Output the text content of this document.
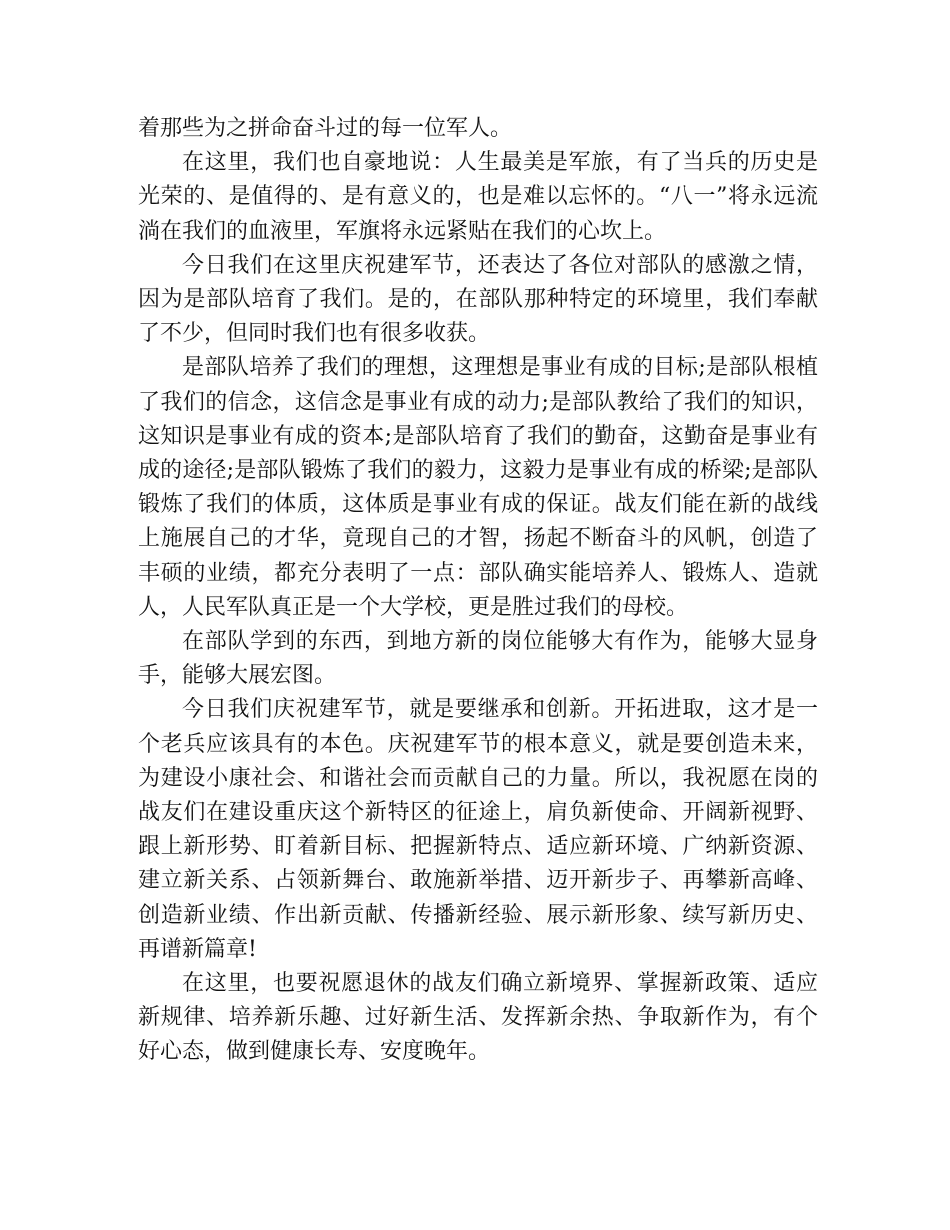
着那些为之拼命奋斗过的每一位军人。

在这里，我们也自豪地说：人生最美是军旅，有了当兵的历史是光荣的、是值得的、是有意义的，也是难以忘怀的。“八一”将永远流淌在我们的血液里，军旗将永远紧贴在我们的心坎上。

今日我们在这里庆祝建军节，还表达了各位对部队的感激之情，因为是部队培育了我们。是的，在部队那种特定的环境里，我们奉献了不少，但同时我们也有很多收获。

是部队培养了我们的理想，这理想是事业有成的目标;是部队根植了我们的信念，这信念是事业有成的动力;是部队教给了我们的知识，这知识是事业有成的资本;是部队培育了我们的勤奋，这勤奋是事业有成的途径;是部队锻炼了我们的毅力，这毅力是事业有成的桥梁;是部队锻炼了我们的体质，这体质是事业有成的保证。战友们能在新的战线上施展自己的才华，竟现自己的才智，扬起不断奋斗的风帆，创造了丰硕的业绩，都充分表明了一点：部队确实能培养人、锻炼人、造就人，人民军队真正是一个大学校，更是胜过我们的母校。

在部队学到的东西，到地方新的岗位能够大有作为，能够大显身手，能够大展宏图。

今日我们庆祝建军节，就是要继承和创新。开拓进取，这才是一个老兵应该具有的本色。庆祝建军节的根本意义，就是要创造未来，为建设小康社会、和谐社会而贡献自己的力量。所以，我祝愿在岗的战友们在建设重庆这个新特区的征途上，肩负新使命、开阔新视野、跟上新形势、盯着新目标、把握新特点、适应新环境、广纳新资源、建立新关系、占领新舞台、敢施新举措、迈开新步子、再攀新高峰、创造新业绩、作出新贡献、传播新经验、展示新形象、续写新历史、再谱新篇章!

在这里，也要祝愿退休的战友们确立新境界、掌握新政策、适应新规律、培养新乐趣、过好新生活、发挥新余热、争取新作为，有个好心态，做到健康长寿、安度晚年。
